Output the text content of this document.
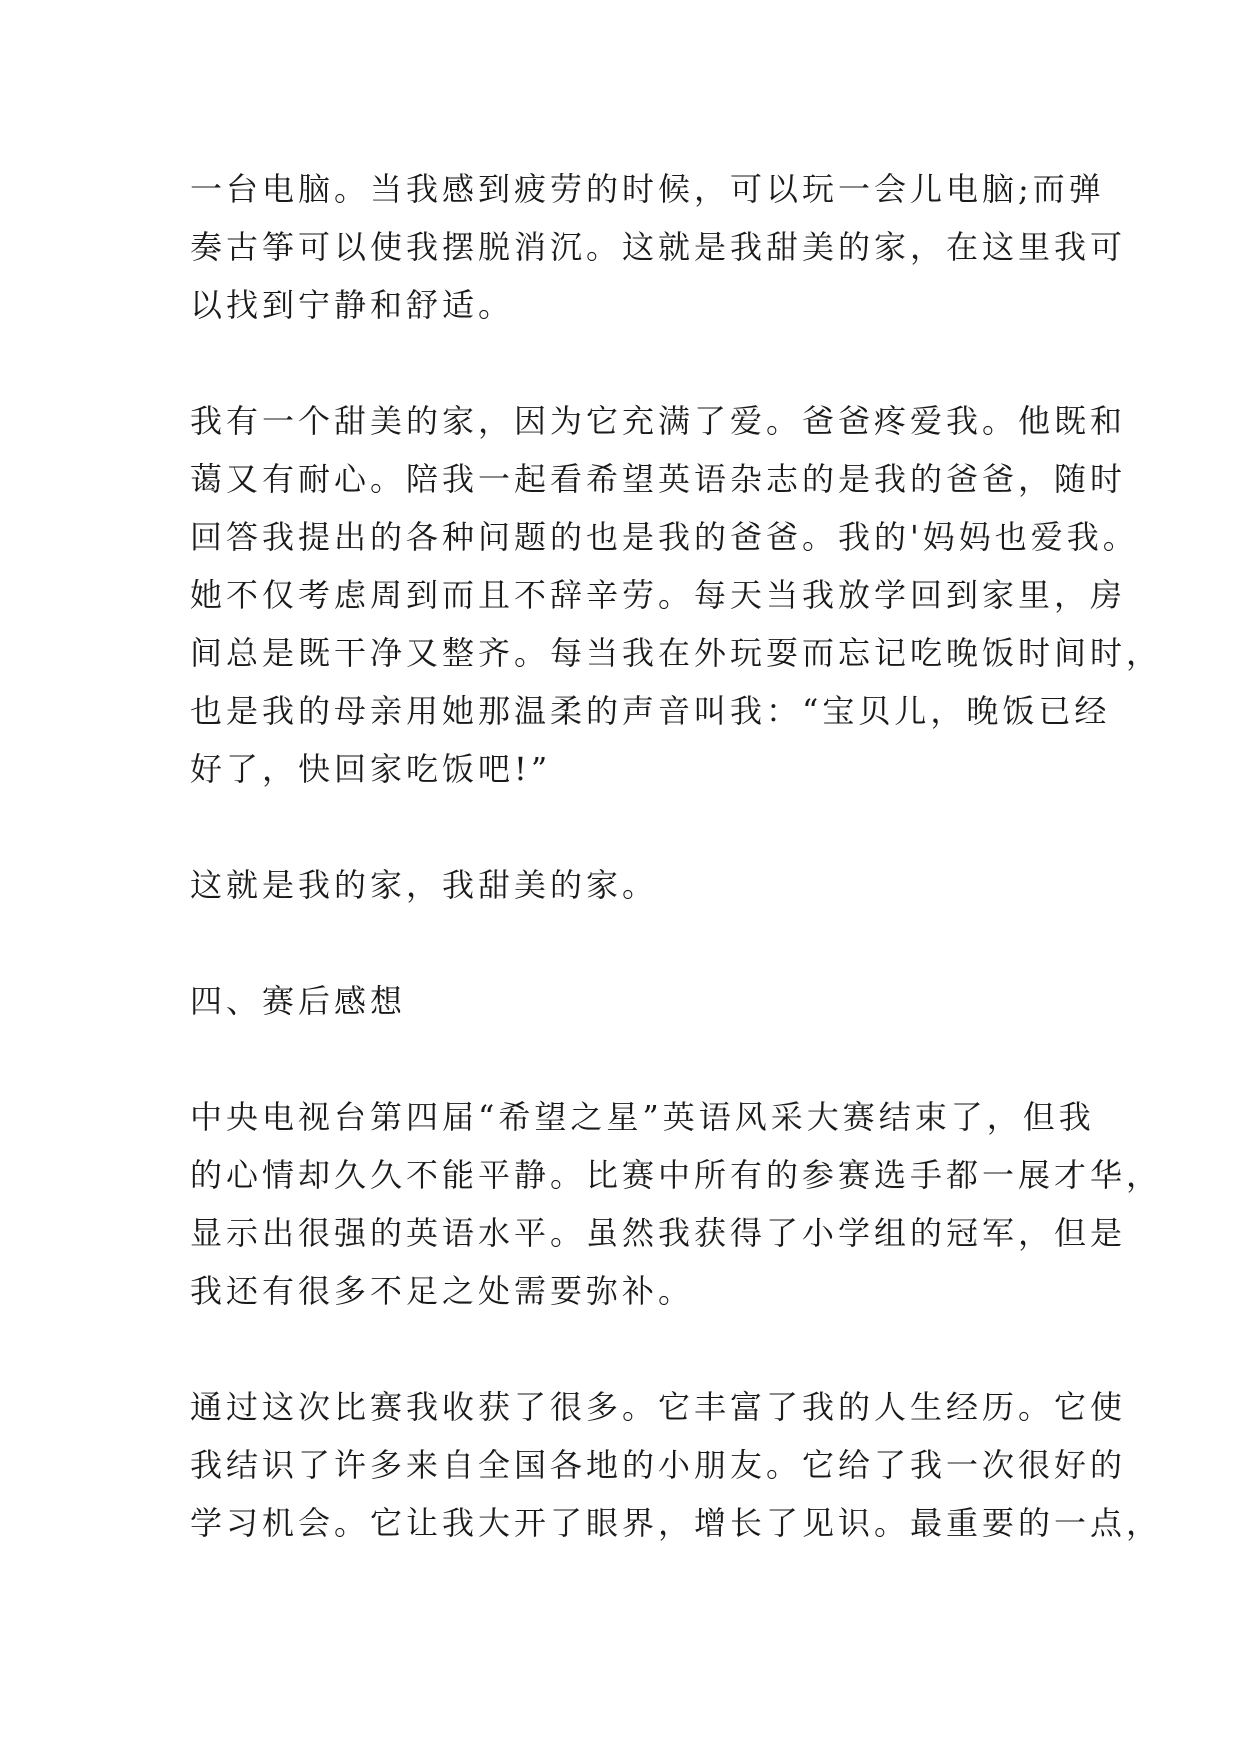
一台电脑。当我感到疲劳的时候，可以玩一会儿电脑;而弹
奏古筝可以使我摆脱消沉。这就是我甜美的家，在这里我可
以找到宁静和舒适。
我有一个甜美的家，因为它充满了爱。爸爸疼爱我。他既和
蔼又有耐心。陪我一起看希望英语杂志的是我的爸爸，随时
回答我提出的各种问题的也是我的爸爸。我的'妈妈也爱我。
她不仅考虑周到而且不辞辛劳。每天当我放学回到家里，房
间总是既干净又整齐。每当我在外玩耍而忘记吃晚饭时间时，
也是我的母亲用她那温柔的声音叫我：“宝贝儿，晚饭已经
好了，快回家吃饭吧!”
这就是我的家，我甜美的家。
四、赛后感想
中央电视台第四届“希望之星”英语风采大赛结束了，但我
的心情却久久不能平静。比赛中所有的参赛选手都一展才华，
显示出很强的英语水平。虽然我获得了小学组的冠军，但是
我还有很多不足之处需要弥补。
通过这次比赛我收获了很多。它丰富了我的人生经历。它使
我结识了许多来自全国各地的小朋友。它给了我一次很好的
学习机会。它让我大开了眼界，增长了见识。最重要的一点，
